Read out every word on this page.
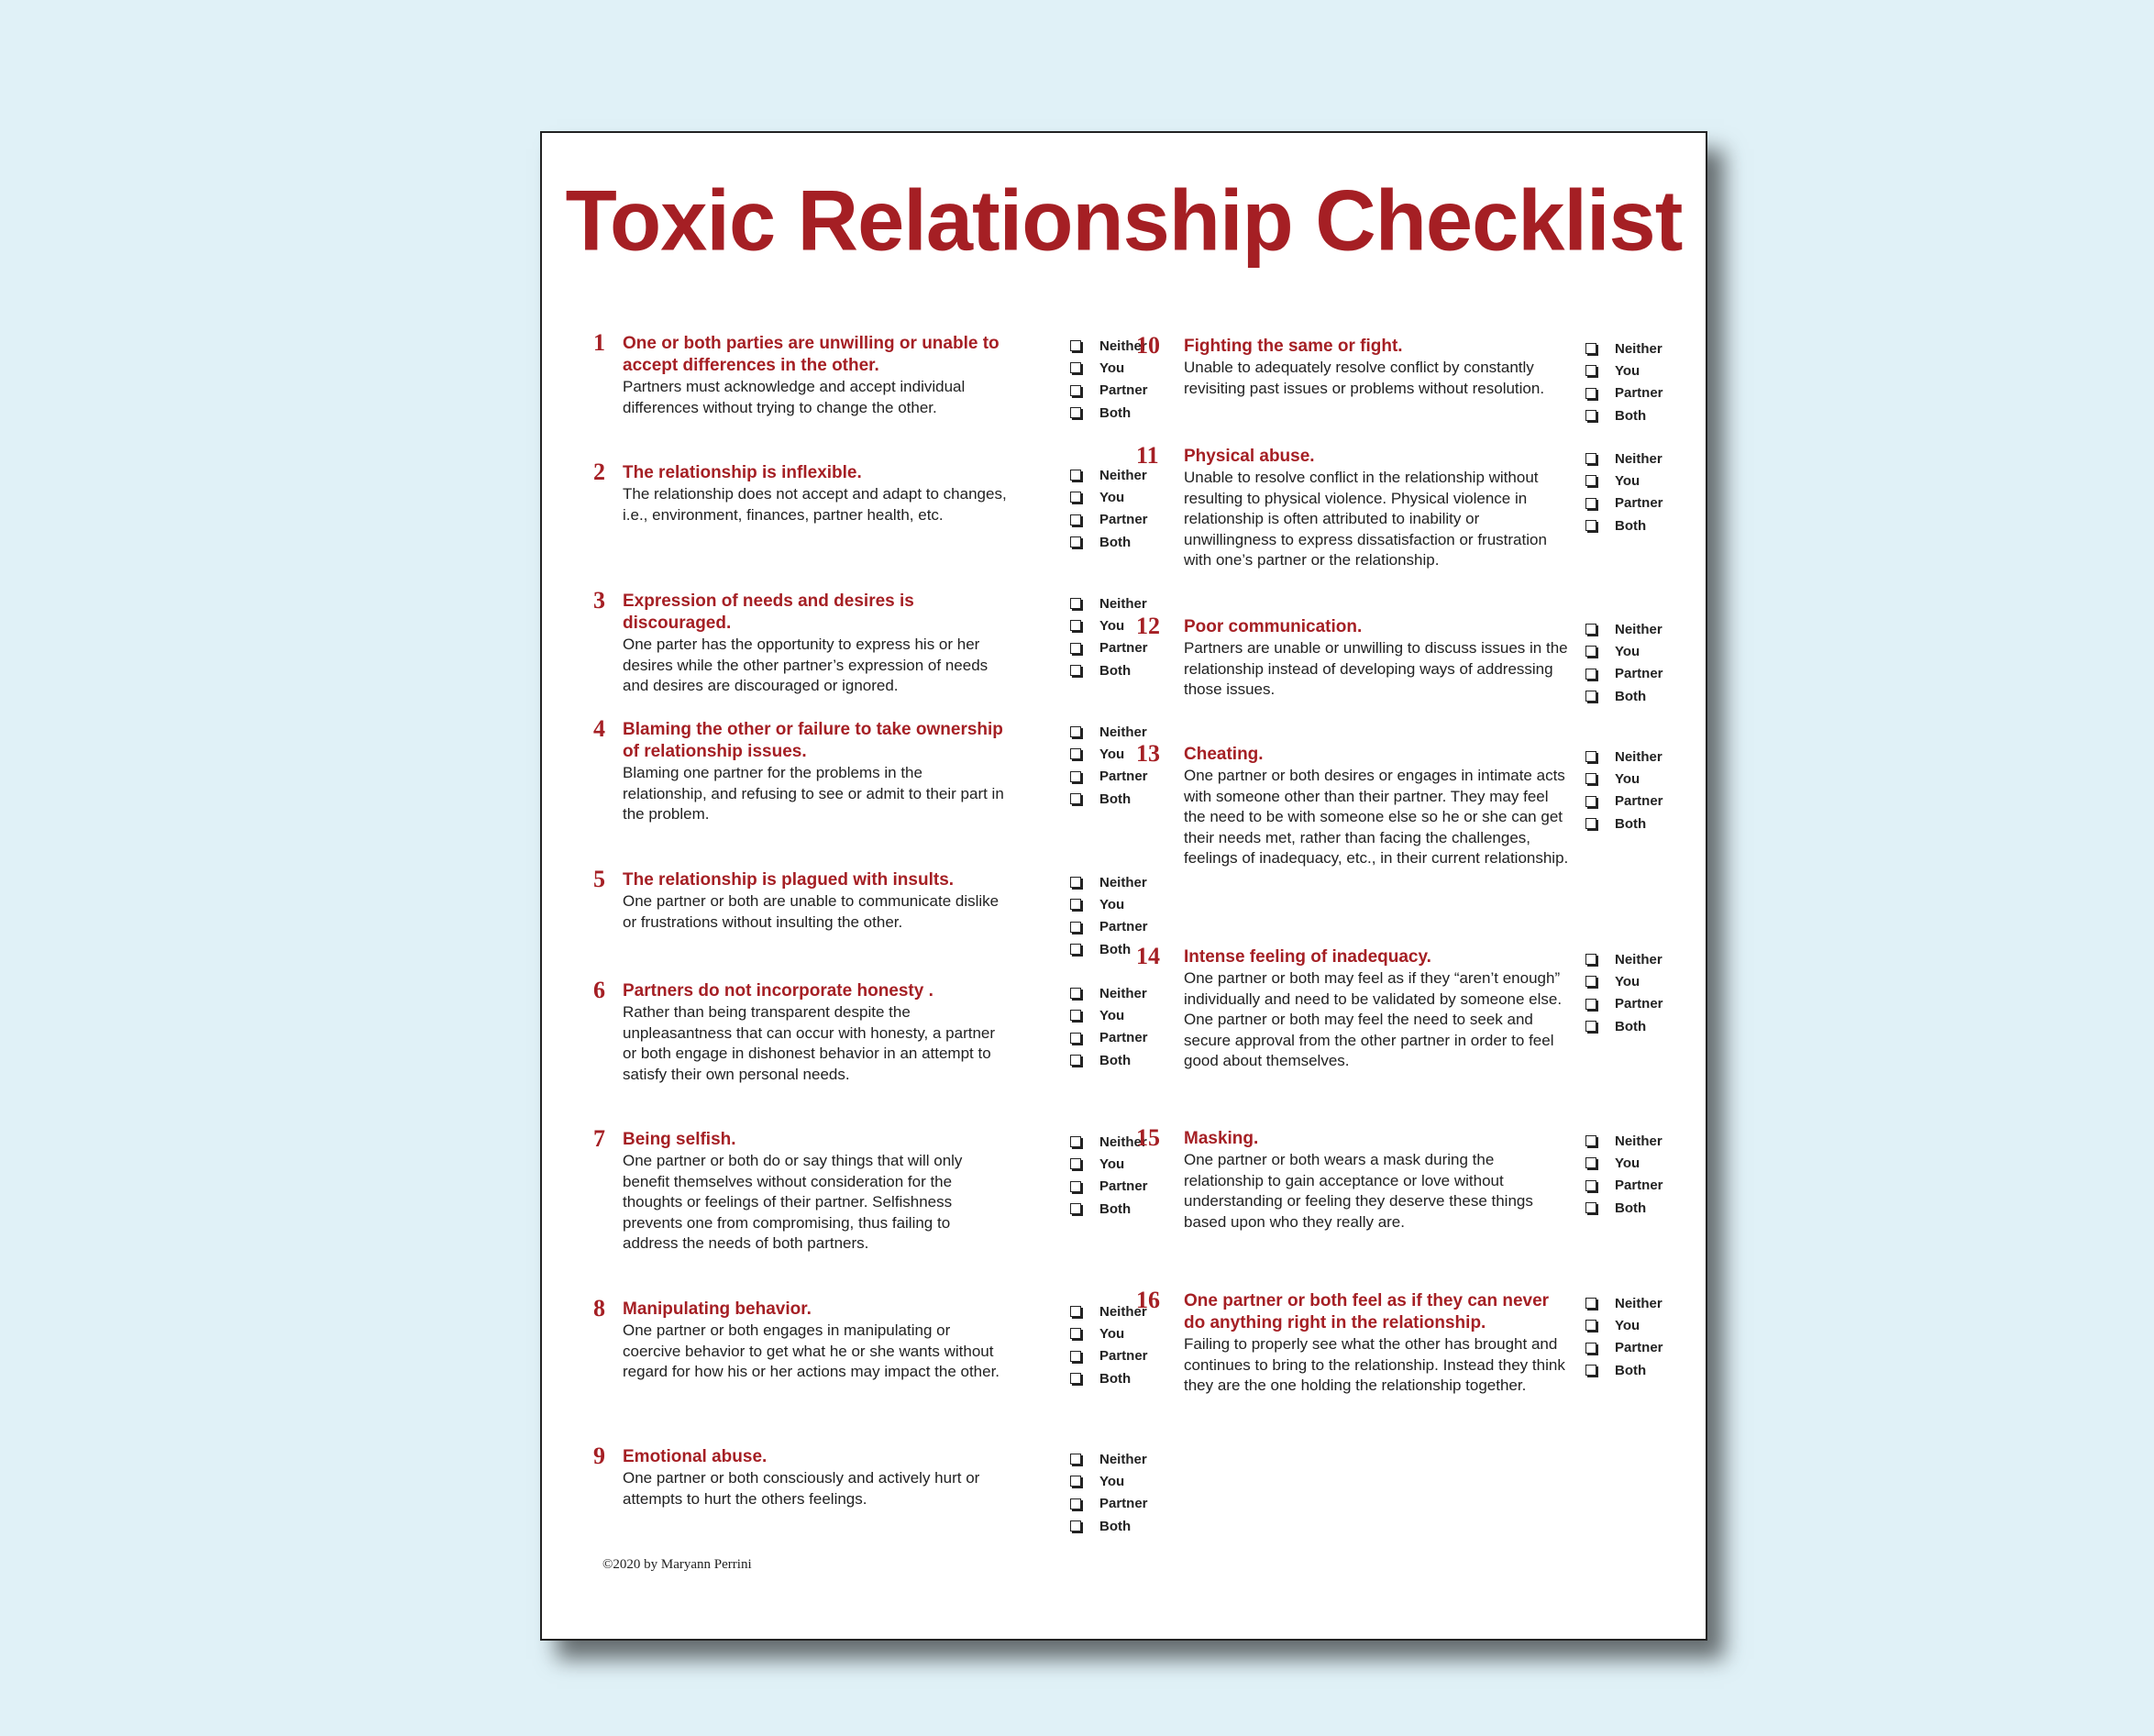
Toxic Relationship Checklist
1	One or both parties are unwilling or unable to accept differences in the other.
Partners must acknowledge and accept individual differences without trying to change the other.
Neither
You
Partner
Both
2	The relationship is inflexible.
The relationship does not accept and adapt to changes, i.e., environment, finances, partner health, etc.
Neither
You
Partner
Both
3	Expression of needs and desires is discouraged.
One parter has the opportunity to express his or her desires while the other partner’s expression of needs and desires are discouraged or ignored.
Neither
You
Partner
Both
4	Blaming the other or failure to take ownership of relationship issues.
Blaming one partner for the problems in the relationship, and refusing to see or admit to their part in the problem.
Neither
You
Partner
Both
5	The relationship is plagued with insults.
One partner or both are unable to communicate dislike or frustrations without insulting the other.
Neither
You
Partner
Both
6	Partners do not incorporate honesty .
Rather than being transparent despite the unpleasantness that can occur with honesty, a partner or both engage in dishonest behavior in an attempt to satisfy their own personal needs.
Neither
You
Partner
Both
7	Being selfish.
One partner or both do or say things that will only benefit themselves without consideration for the thoughts or feelings of their partner. Selfishness prevents one from compromising, thus failing to address the needs of both partners.
Neither
You
Partner
Both
8	Manipulating behavior.
One partner or both engages in manipulating or coercive behavior to get what he or she wants without regard for how his or her actions may impact the other.
Neither
You
Partner
Both
9	Emotional abuse.
One partner or both consciously and actively hurt or attempts to hurt the others feelings.
Neither
You
Partner
Both
10	Fighting the same or fight.
Unable to adequately resolve conflict by constantly revisiting past issues or problems without resolution.
Neither
You
Partner
Both
11	Physical abuse.
Unable to resolve conflict in the relationship without resulting to physical violence. Physical violence in relationship is often attributed to inability or unwillingness to express dissatisfaction or frustration with one’s partner or the relationship.
Neither
You
Partner
Both
12	Poor communication.
Partners are unable or unwilling to discuss issues in the relationship instead of developing ways of addressing those issues.
Neither
You
Partner
Both
13	Cheating.
One partner or both desires or engages in intimate acts with someone other than their partner. They may feel the need to be with someone else so he or she can get their needs met, rather than facing the challenges, feelings of inadequacy, etc., in their current relationship.
Neither
You
Partner
Both
14	Intense feeling of inadequacy.
One partner or both may feel as if they “aren’t enough” individually and need to be validated by someone else. One partner or both may feel the need to seek and secure approval from the other partner in order to feel good about themselves.
Neither
You
Partner
Both
15	Masking.
One partner or both wears a mask during the relationship to gain acceptance or love without understanding or feeling they deserve these things based upon who they really are.
Neither
You
Partner
Both
16	One partner or both feel as if they can never do anything right in the relationship.
Failing to properly see what the other has brought and continues to bring to the relationship. Instead they think they are the one holding the relationship together.
Neither
You
Partner
Both
©2020 by Maryann Perrini
